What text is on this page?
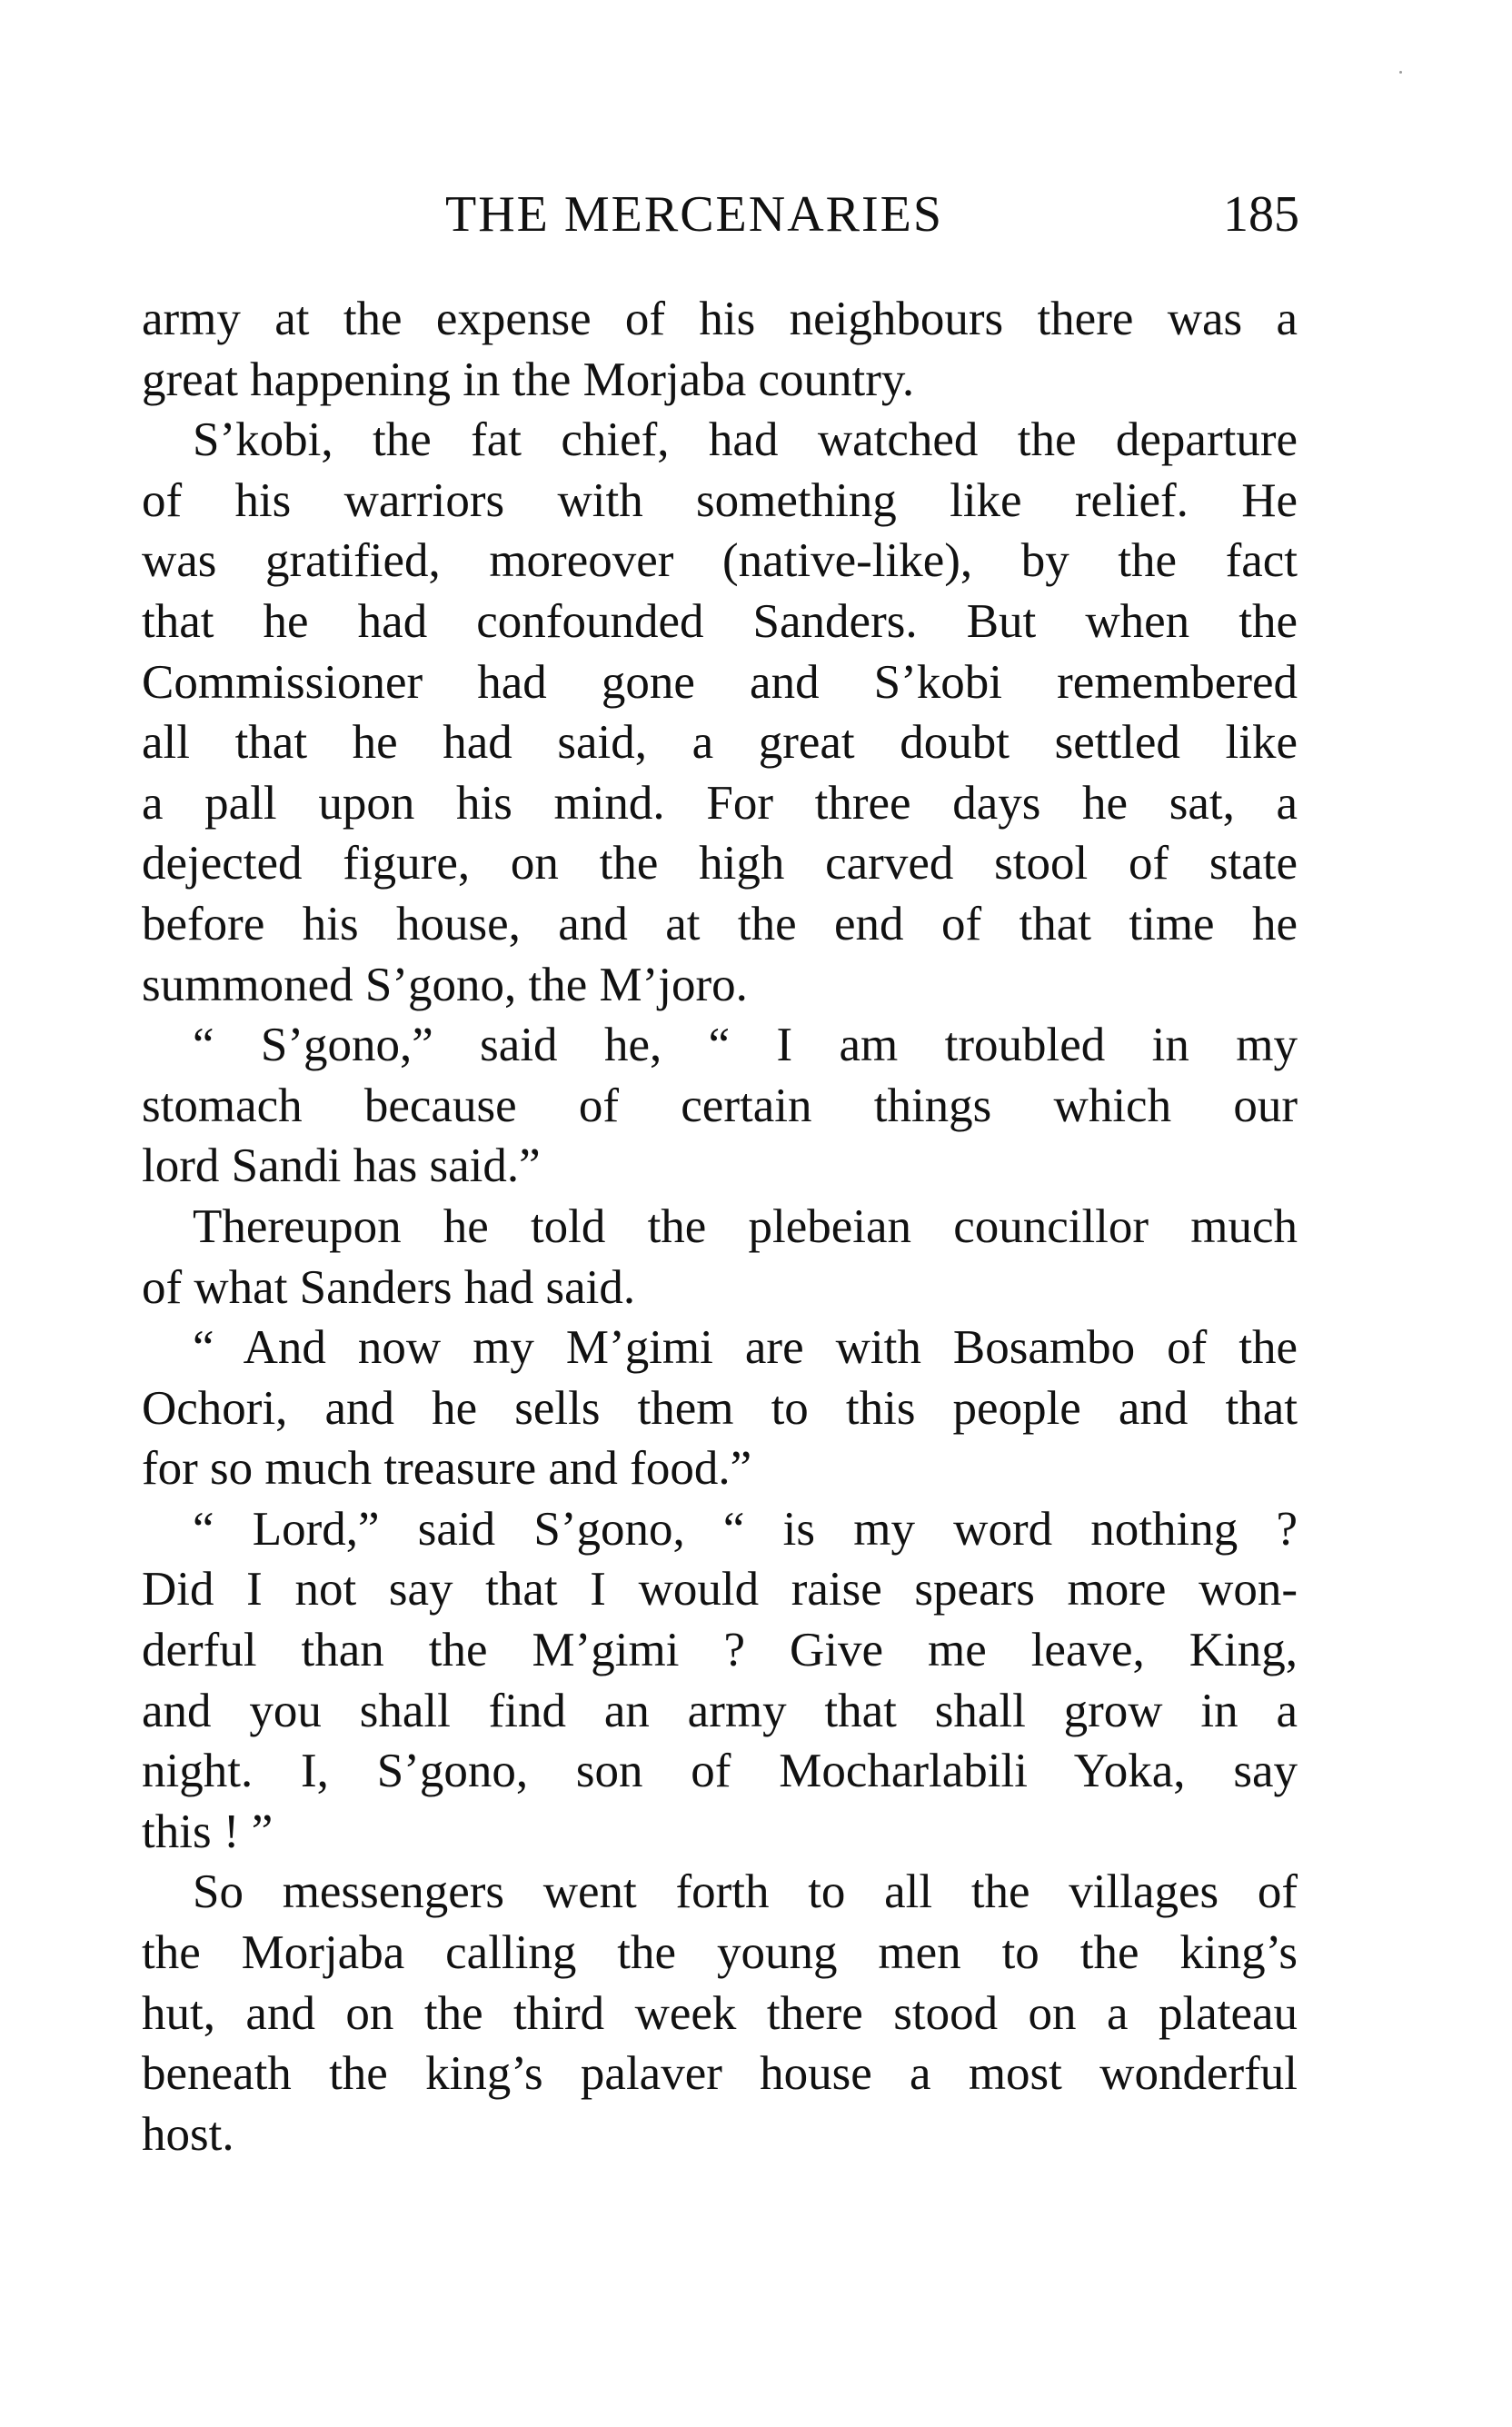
THE MERCENARIES	185
army at the expense of his neighbours there was a
great happening in the Morjaba country.
S’kobi, the fat chief, had watched the departure
of his warriors with something like relief. He
was gratified, moreover (native-like), by the fact
that he had confounded Sanders. But when the
Commissioner had gone and S’kobi remembered
all that he had said, a great doubt settled like
a pall upon his mind. For three days he sat, a
dejected figure, on the high carved stool of state
before his house, and at the end of that time he
summoned S’gono, the M’joro.
“ S’gono,” said he, “ I am troubled in my
stomach because of certain things which our
lord Sandi has said.”
Thereupon he told the plebeian councillor much
of what Sanders had said.
“ And now my M’gimi are with Bosambo of the
Ochori, and he sells them to this people and that
for so much treasure and food.”
“ Lord,” said S’gono, “ is my word nothing ?
Did I not say that I would raise spears more won-
derful than the M’gimi ? Give me leave, King,
and you shall find an army that shall grow in a
night. I, S’gono, son of Mocharlabili Yoka, say
this ! ”
So messengers went forth to all the villages of
the Morjaba calling the young men to the king’s
hut, and on the third week there stood on a plateau
beneath the king’s palaver house a most wonderful
host.
